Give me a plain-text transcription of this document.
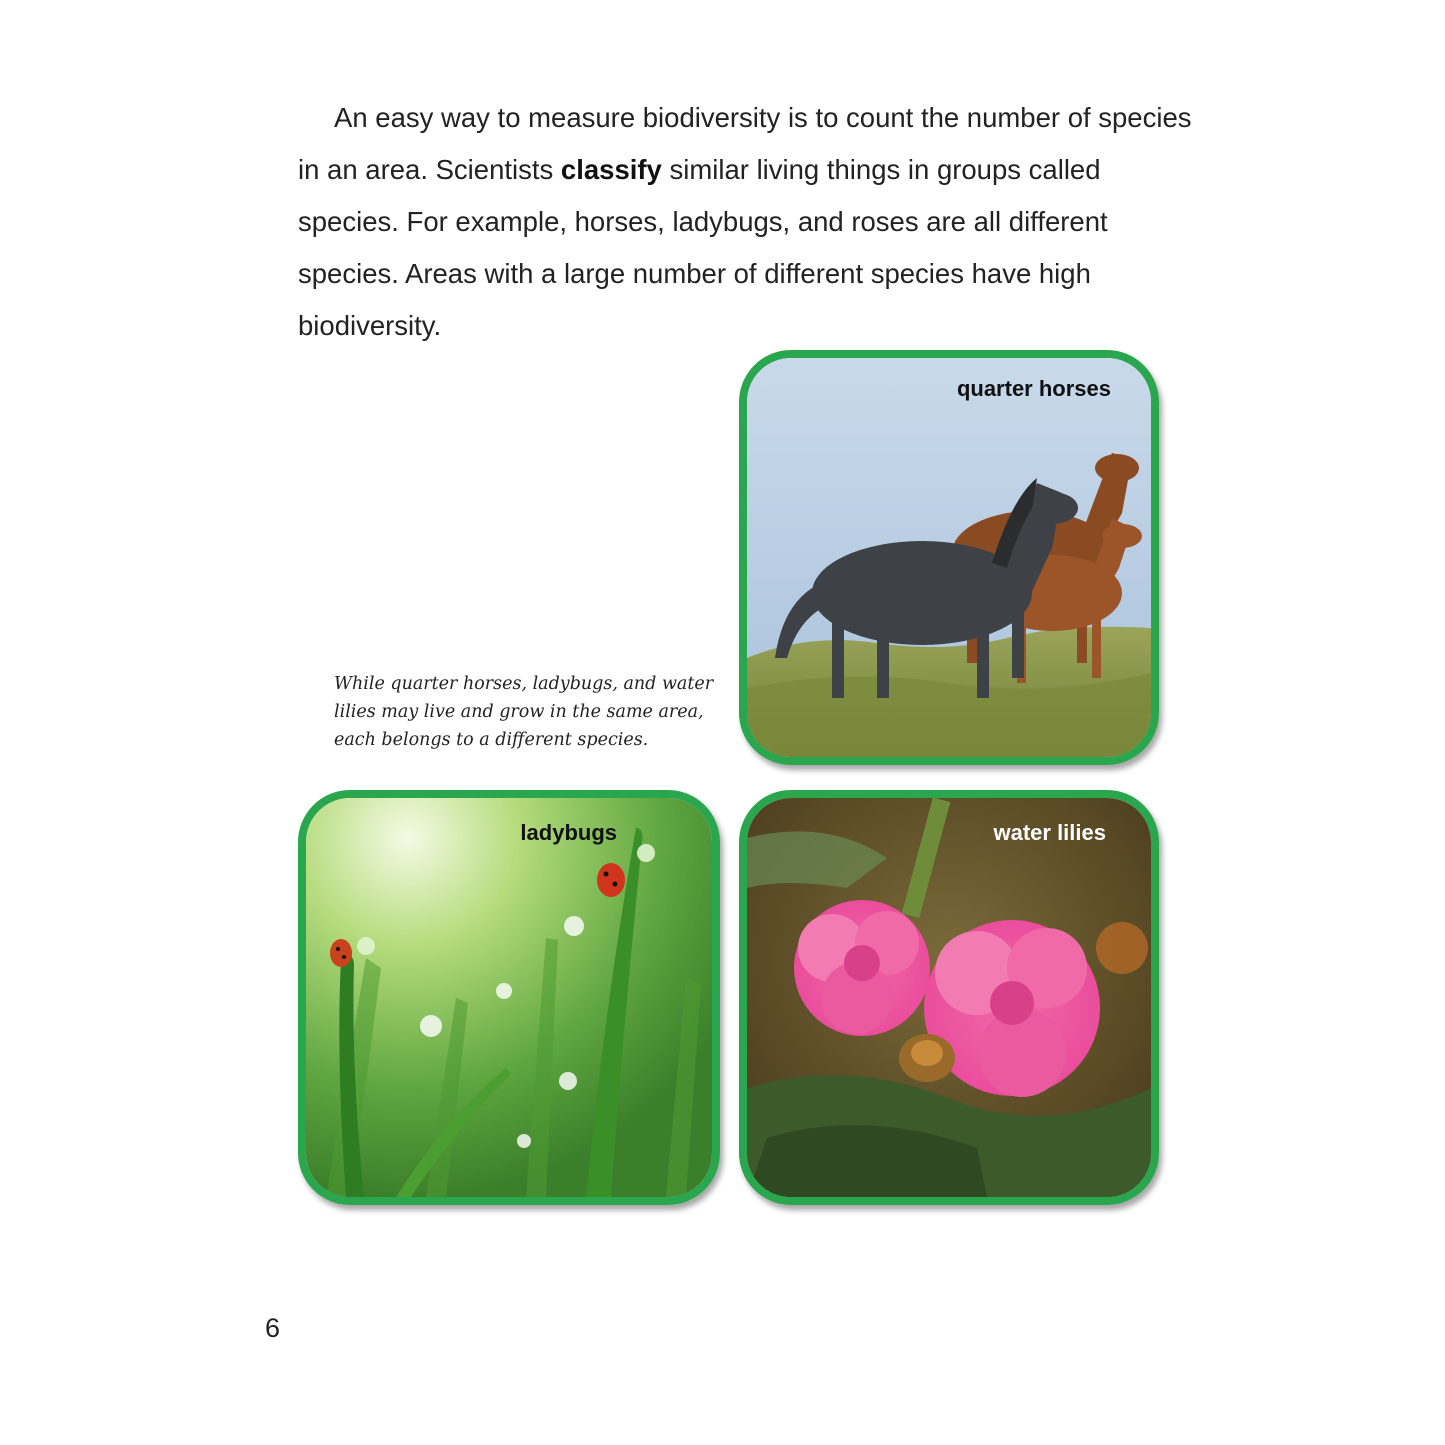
An easy way to measure biodiversity is to count the number of species in an area. Scientists classify similar living things in groups called species. For example, horses, ladybugs, and roses are all different species. Areas with a large number of different species have high biodiversity.

While quarter horses, ladybugs, and water lilies may live and grow in the same area, each belongs to a different species.

quarter horses
ladybugs	water lilies
6
